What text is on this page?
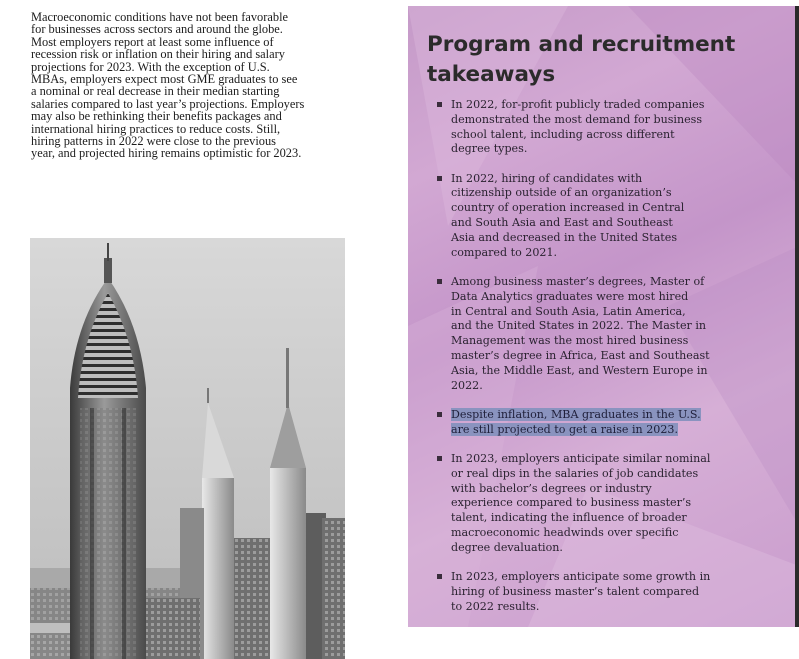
Macroeconomic conditions have not been favorable
for businesses across sectors and around the globe.
Most employers report at least some influence of
recession risk or inflation on their hiring and salary
projections for 2023. With the exception of U.S.
MBAs, employers expect most GME graduates to see
a nominal or real decrease in their median starting
salaries compared to last year’s projections. Employers
may also be rethinking their benefits packages and
international hiring practices to reduce costs. Still,
hiring patterns in 2022 were close to the previous
year, and projected hiring remains optimistic for 2023.
Program and recruitment takeaways
In 2022, for-profit publicly traded companies
demonstrated the most demand for business
school talent, including across different
degree types.
In 2022, hiring of candidates with
citizenship outside of an organization’s
country of operation increased in Central
and South Asia and East and Southeast
Asia and decreased in the United States
compared to 2021.
Among business master’s degrees, Master of
Data Analytics graduates were most hired
in Central and South Asia, Latin America,
and the United States in 2022. The Master in
Management was the most hired business
master’s degree in Africa, East and Southeast
Asia, the Middle East, and Western Europe in
2022.
Despite inflation, MBA graduates in the U.S.
are still projected to get a raise in 2023.
In 2023, employers anticipate similar nominal
or real dips in the salaries of job candidates
with bachelor’s degrees or industry
experience compared to business master’s
talent, indicating the influence of broader
macroeconomic headwinds over specific
degree devaluation.
In 2023, employers anticipate some growth in
hiring of business master’s talent compared
to 2022 results.
